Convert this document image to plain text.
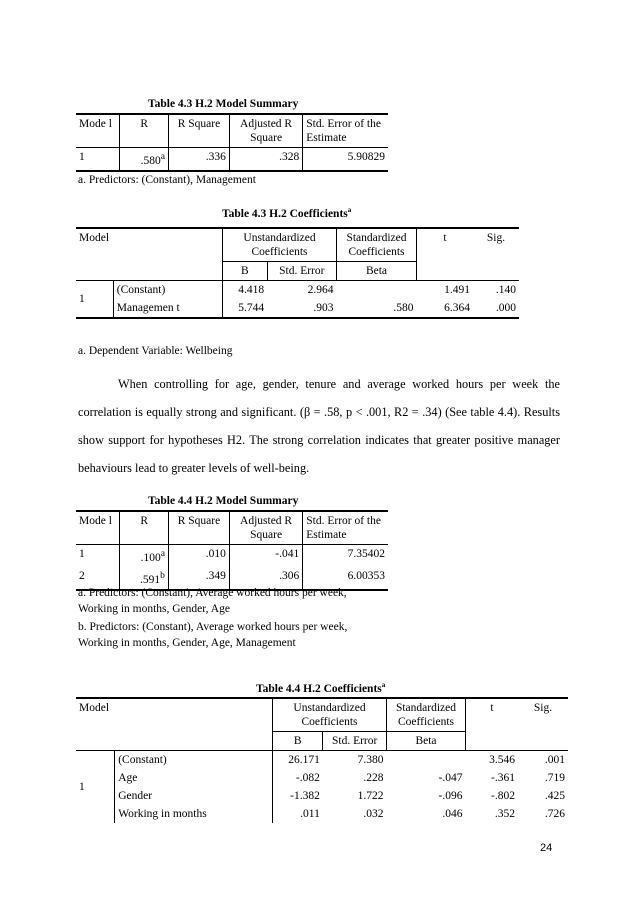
Table 4.3 H.2 Model Summary
Mode l	R	R Square	Adjusted R Square	Std. Error of the Estimate
1	.580$^a$	.336	.328	5.90829
a. Predictors: (Constant), Management
Table 4.3 H.2 Coefficients$^a$
Model		Unstandardized Coefficients		Standardized Coefficients	t	Sig.
		B	Std. Error	Beta		
1	(Constant)	4.418	2.964		1.491	.140
	Managemen t	5.744	.903	.580	6.364	.000
a. Dependent Variable: Wellbeing
When controlling for age, gender, tenure and average worked hours per week the correlation is equally strong and significant. (β = .58, p < .001, R2 = .34) (See table 4.4). Results show support for hypotheses H2. The strong correlation indicates that greater positive manager behaviours lead to greater levels of well-being.
Table 4.4 H.2 Model Summary
Mode l	R	R Square	Adjusted R Square	Std. Error of the Estimate
1	.100$^a$	.010	-.041	7.35402
2	.591$^b$	.349	.306	6.00353
a. Predictors: (Constant), Average worked hours per week, Working in months, Gender, Age
b. Predictors: (Constant), Average worked hours per week, Working in months, Gender, Age, Management
Table 4.4 H.2 Coefficients$^a$
Model		Unstandardized Coefficients		Standardized Coefficients	t	Sig.
		B	Std. Error	Beta		
1	(Constant)	26.171	7.380		3.546	.001
	Age	-.082	.228	-.047	-.361	.719
	Gender	-1.382	1.722	-.096	-.802	.425
	Working in months	.011	.032	.046	.352	.726
24
